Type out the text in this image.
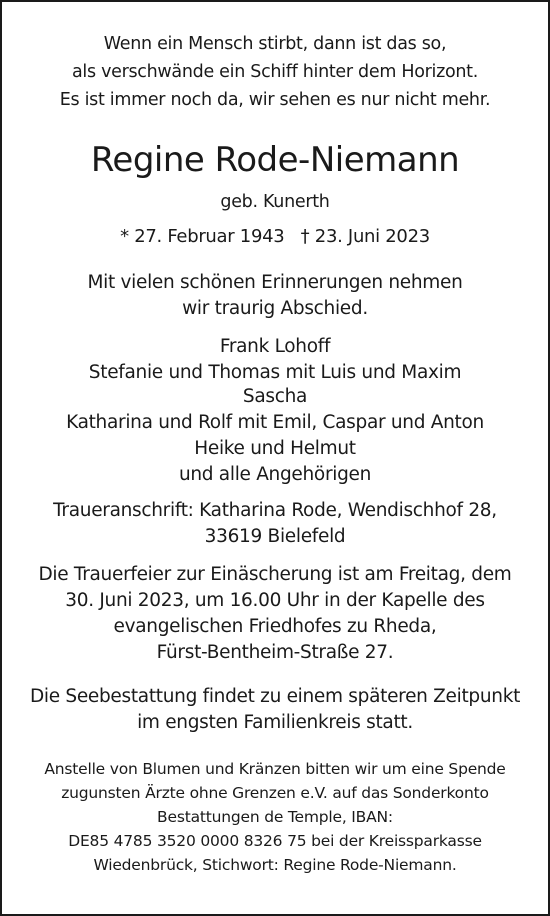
Wenn ein Mensch stirbt, dann ist das so,
als verschwände ein Schiff hinter dem Horizont.
Es ist immer noch da, wir sehen es nur nicht mehr.
Regine Rode-Niemann
geb. Kunerth
* 27. Februar 1943   † 23. Juni 2023
Mit vielen schönen Erinnerungen nehmen
wir traurig Abschied.
Frank Lohoff
Stefanie und Thomas mit Luis und Maxim
Sascha
Katharina und Rolf mit Emil, Caspar und Anton
Heike und Helmut
und alle Angehörigen
Traueranschrift: Katharina Rode, Wendischhof 28,
33619 Bielefeld
Die Trauerfeier zur Einäscherung ist am Freitag, dem
30. Juni 2023, um 16.00 Uhr in der Kapelle des
evangelischen Friedhofes zu Rheda,
Fürst-Bentheim-Straße 27.
Die Seebestattung findet zu einem späteren Zeitpunkt
im engsten Familienkreis statt.
Anstelle von Blumen und Kränzen bitten wir um eine Spende
zugunsten Ärzte ohne Grenzen e.V. auf das Sonderkonto
Bestattungen de Temple, IBAN:
DE85 4785 3520 0000 8326 75 bei der Kreissparkasse
Wiedenbrück, Stichwort: Regine Rode-Niemann.
